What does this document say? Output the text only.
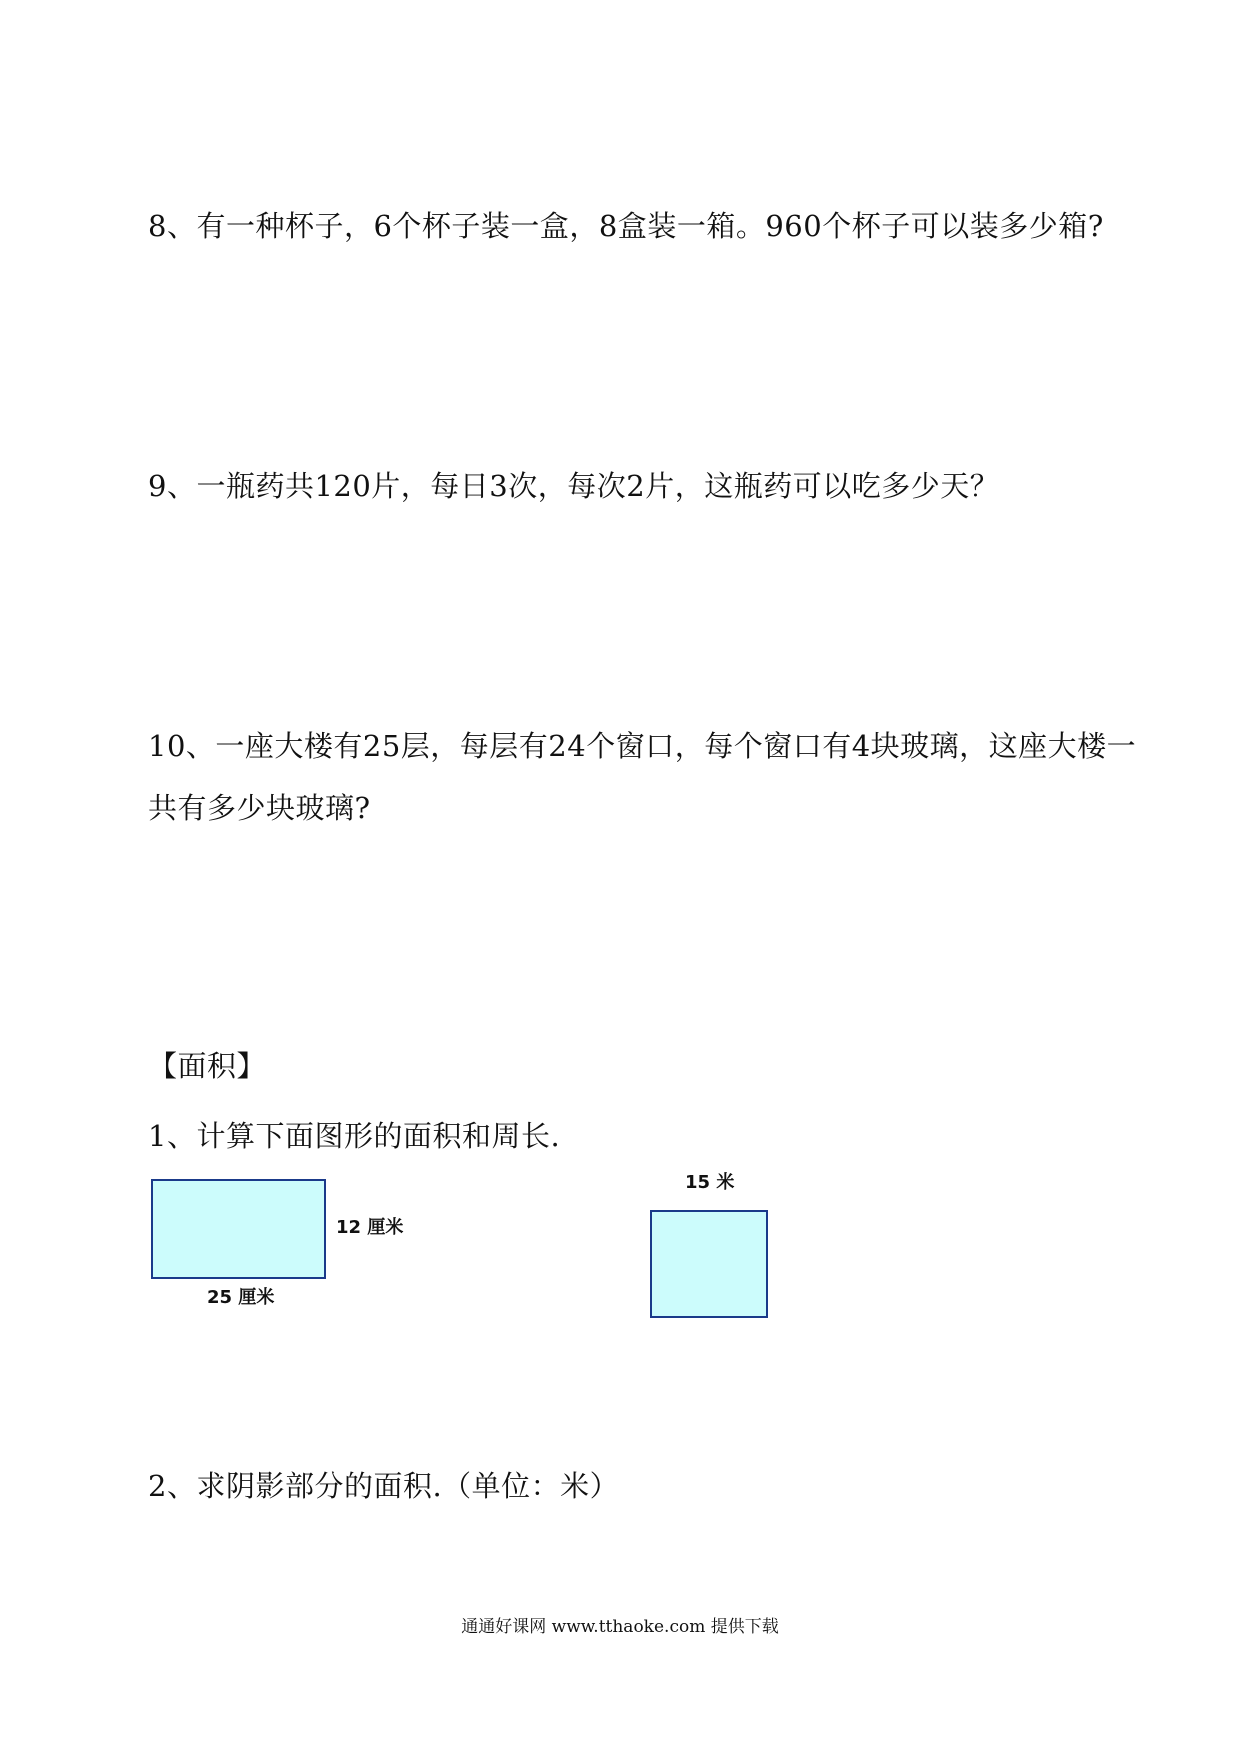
8、有一种杯子，6个杯子装一盒，8盒装一箱。960个杯子可以装多少箱?
9、一瓶药共120片，每日3次，每次2片，这瓶药可以吃多少天？
10、一座大楼有25层，每层有24个窗口，每个窗口有4块玻璃，这座大楼一
共有多少块玻璃?
【面积】
1、计算下面图形的面积和周长.
12 厘米
25 厘米
15 米
2、求阴影部分的面积.（单位：米）
通通好课网 www.tthaoke.com 提供下载
